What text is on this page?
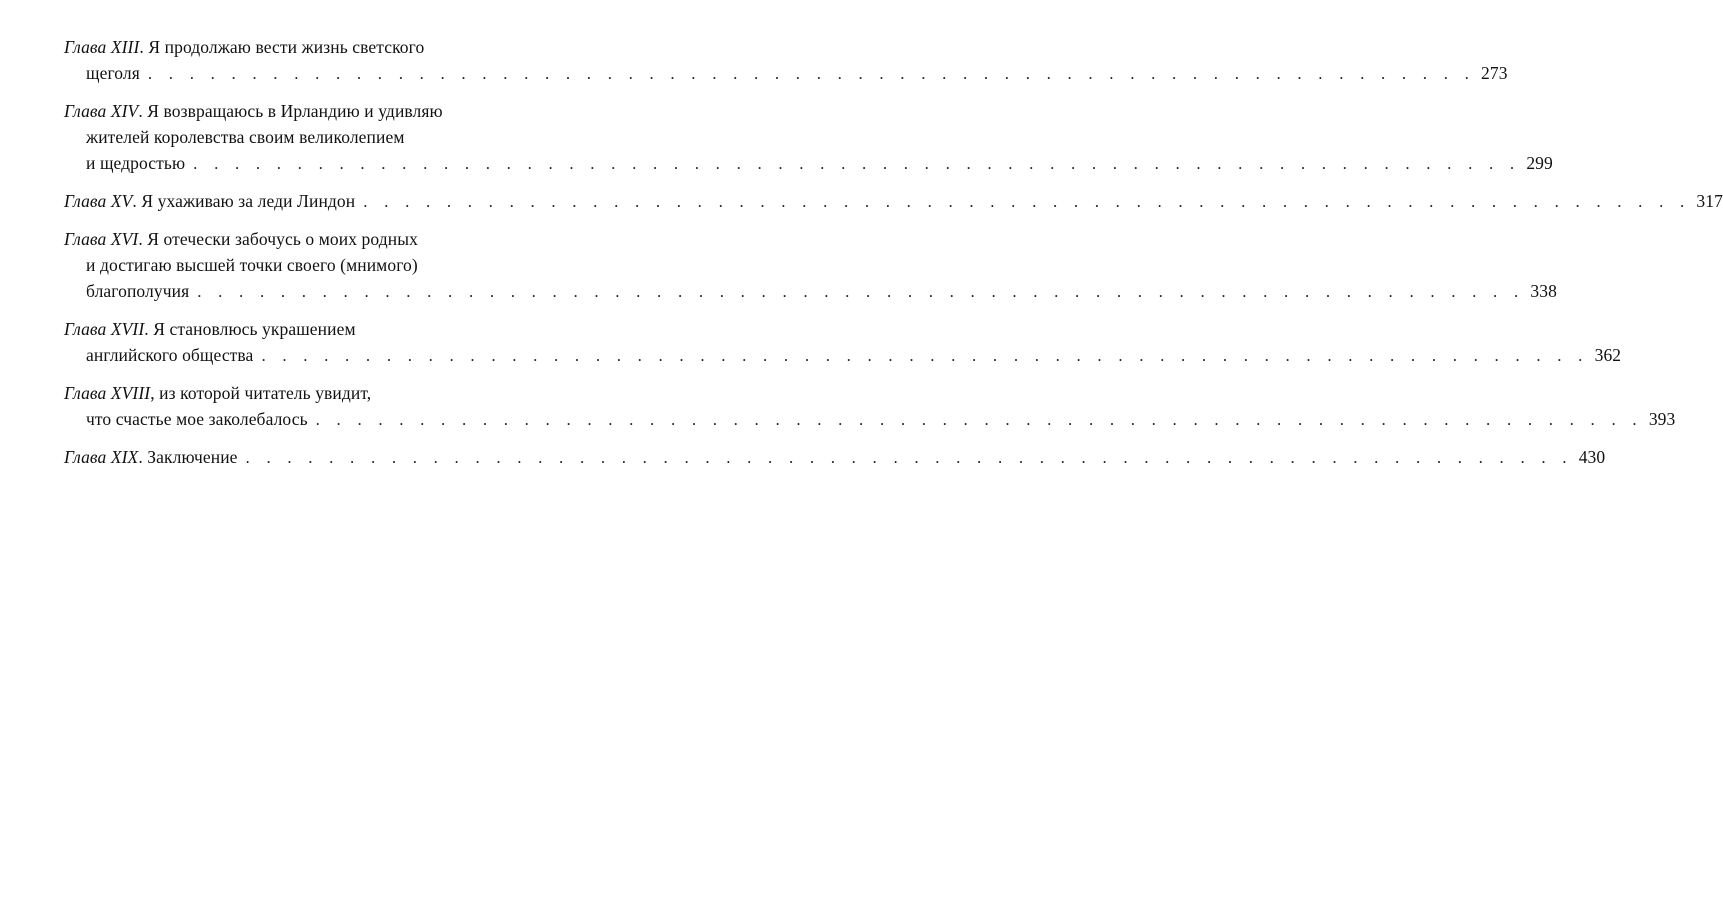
Глава XIII. Я продолжаю вести жизнь светского
щеголя . . . . . . . . . . . . . . . . . . . . . . . . . . . . . . . . . . . . . . . . . . . . . . . . . . . . . . . . . . . . . . . . 273
Глава XIV. Я возвращаюсь в Ирландию и удивляю
жителей королевства своим великолепием
и щедростью . . . . . . . . . . . . . . . . . . . . . . . . . . . . . . . . . . . . . . . . . . . . . . . . . . . . . . . . . . . . . . . . 299
Глава XV. Я ухаживаю за леди Линдон . . . . . . . . . . . . . . . . . . . . . . . . . . . . . . . . . . . . . . . . . . . . . . . . . . . . . . . . . . . . . . . . 317
Глава XVI. Я отечески забочусь о моих родных
и достигаю высшей точки своего (мнимого)
благополучия . . . . . . . . . . . . . . . . . . . . . . . . . . . . . . . . . . . . . . . . . . . . . . . . . . . . . . . . . . . . . . . . 338
Глава XVII. Я становлюсь украшением
английского общества . . . . . . . . . . . . . . . . . . . . . . . . . . . . . . . . . . . . . . . . . . . . . . . . . . . . . . . . . . . . . . . . 362
Глава XVIII, из которой читатель увидит,
что счастье мое заколебалось . . . . . . . . . . . . . . . . . . . . . . . . . . . . . . . . . . . . . . . . . . . . . . . . . . . . . . . . . . . . . . . . 393
Глава XIX. Заключение . . . . . . . . . . . . . . . . . . . . . . . . . . . . . . . . . . . . . . . . . . . . . . . . . . . . . . . . . . . . . . . . 430
